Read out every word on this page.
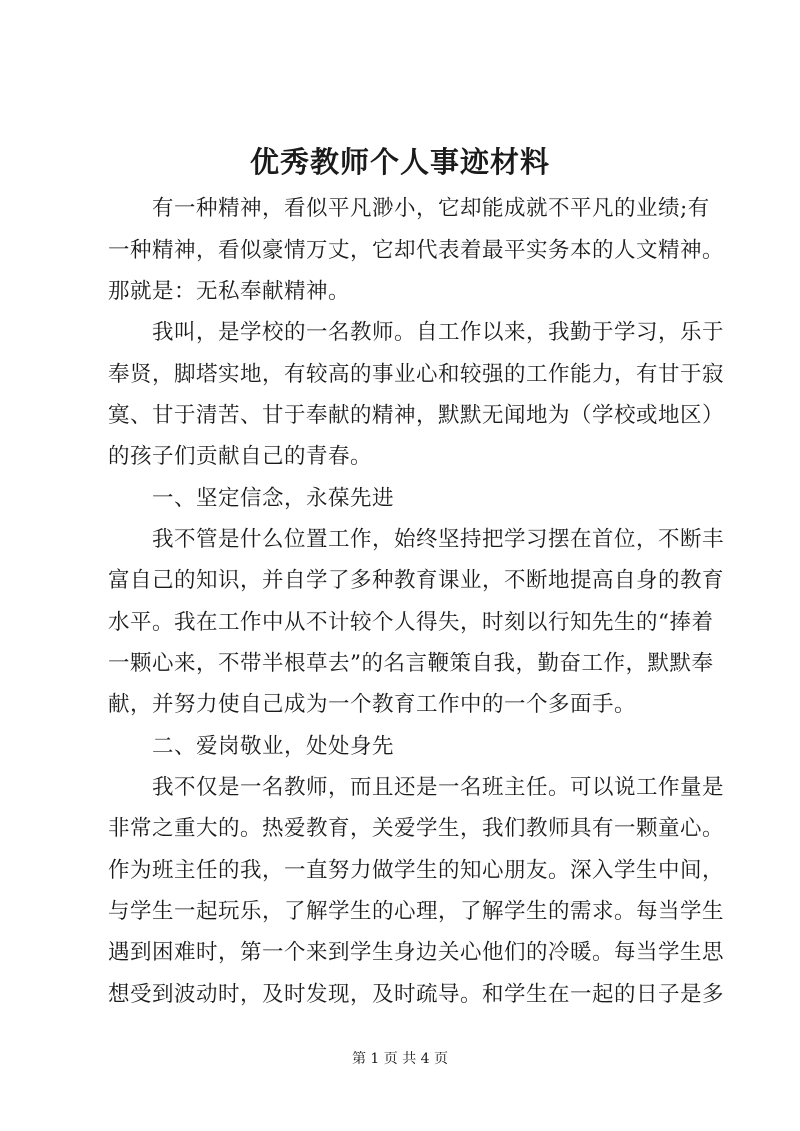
优秀教师个人事迹材料
　　有一种精神，看似平凡渺小，它却能成就不平凡的业绩;有
一种精神，看似豪情万丈，它却代表着最平实务本的人文精神。
那就是：无私奉献精神。
　　我叫，是学校的一名教师。自工作以来，我勤于学习，乐于
奉贤，脚塔实地，有较高的事业心和较强的工作能力，有甘于寂
寞、甘于清苦、甘于奉献的精神，默默无闻地为（学校或地区）
的孩子们贡献自己的青春。
　　一、坚定信念，永葆先进
　　我不管是什么位置工作，始终坚持把学习摆在首位，不断丰
富自己的知识，并自学了多种教育课业，不断地提高自身的教育
水平。我在工作中从不计较个人得失，时刻以行知先生的“捧着
一颗心来，不带半根草去”的名言鞭策自我，勤奋工作，默默奉
献，并努力使自己成为一个教育工作中的一个多面手。
　　二、爱岗敬业，处处身先
　　我不仅是一名教师，而且还是一名班主任。可以说工作量是
非常之重大的。热爱教育，关爱学生，我们教师具有一颗童心。
作为班主任的我，一直努力做学生的知心朋友。深入学生中间，
与学生一起玩乐，了解学生的心理，了解学生的需求。每当学生
遇到困难时，第一个来到学生身边关心他们的冷暖。每当学生思
想受到波动时，及时发现，及时疏导。和学生在一起的日子是多
第 1 页 共 4 页
